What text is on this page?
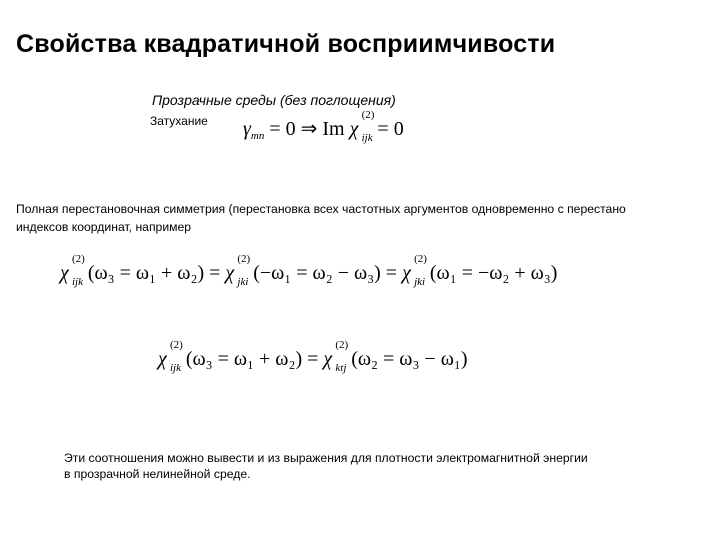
Свойства квадратичной восприимчивости
Прозрачные среды (без поглощения)
Затухание $\gamma_{mn} = 0$ ⇒ Im χ
(2)
ijk = 0
Полная перестановочная симметрия (перестановка всех частотных аргументов одновременно с перестано
индексов координат, например
χ
(2)
ijk (ω₃ = ω₁ + ω₂) = χ
(2)
jki (−ω₁ = ω₂ − ω₃) = χ
(2)
jki (ω₁ = −ω₂ + ω₃)
χ
(2)
ijk (ω₃ = ω₁ + ω₂) = χ
(2)
ktj (ω₂ = ω₃ − ω₁)
Эти соотношения можно вывести и из выражения для плотности электромагнитной энергии
в прозрачной нелинейной среде.
